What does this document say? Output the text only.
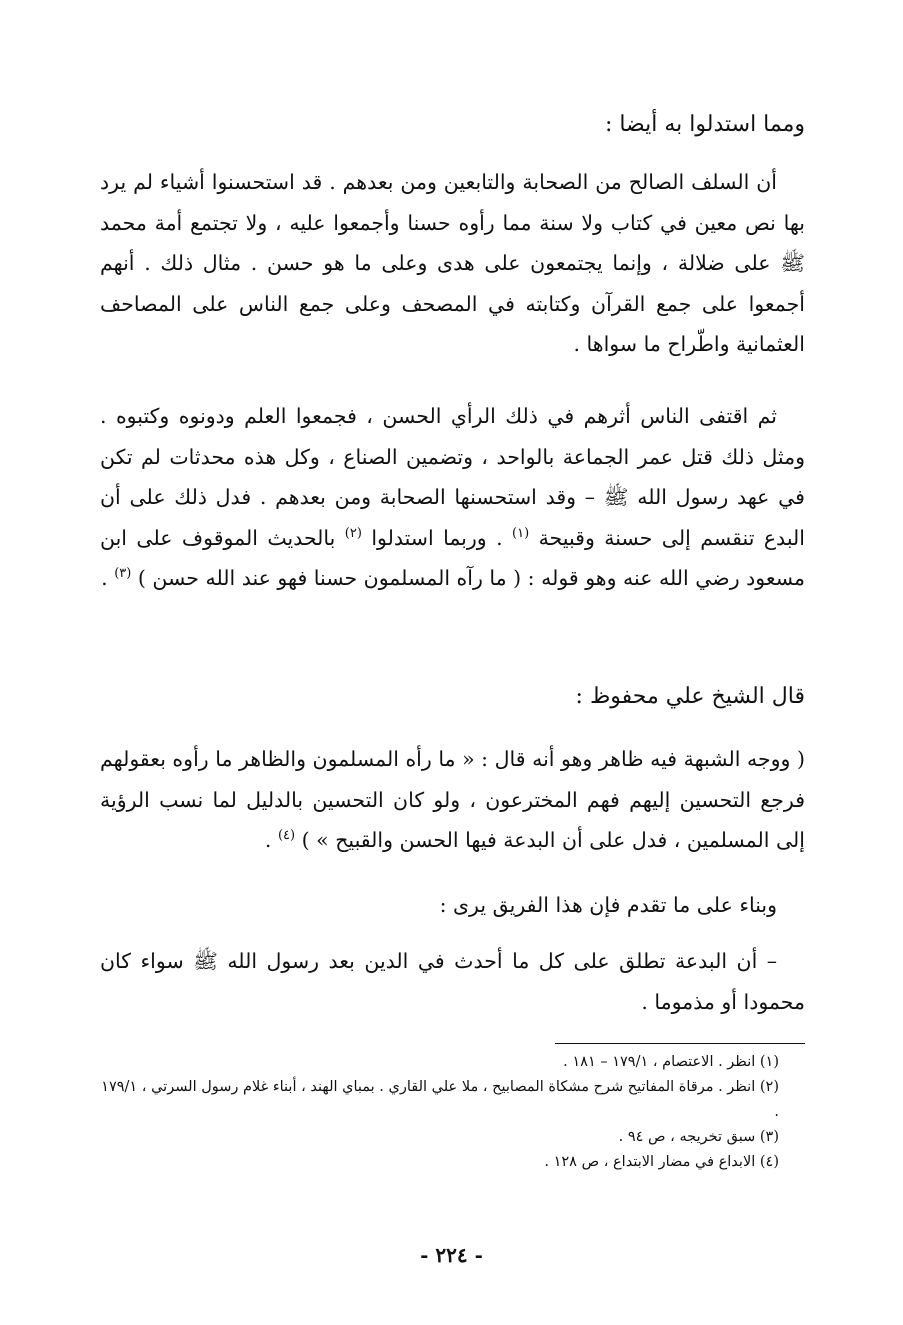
ومما استدلوا به أيضا :

أن السلف الصالح من الصحابة والتابعين ومن بعدهم . قد استحسنوا أشياء لم يرد بها نص معين في كتاب ولا سنة مما رأوه حسنا وأجمعوا عليه ، ولا تجتمع أمة محمد ﷺ على ضلالة ، وإنما يجتمعون على هدى وعلى ما هو حسن . مثال ذلك . أنهم أجمعوا على جمع القرآن وكتابته في المصحف وعلى جمع الناس على المصاحف العثمانية واطّراح ما سواها .

ثم اقتفى الناس أثرهم في ذلك الرأي الحسن ، فجمعوا العلم ودونوه وكتبوه . ومثل ذلك قتل عمر الجماعة بالواحد ، وتضمين الصناع ، وكل هذه محدثات لم تكن في عهد رسول الله ﷺ – وقد استحسنها الصحابة ومن بعدهم . فدل ذلك على أن البدع تنقسم إلى حسنة وقبيحة $^{(١)}$ . وربما استدلوا $^{(٢)}$ بالحديث الموقوف على ابن مسعود رضي الله عنه وهو قوله : ( ما رآه المسلمون حسنا فهو عند الله حسن ) $^{(٣)}$ .

قال الشيخ علي محفوظ :

( ووجه الشبهة فيه ظاهر وهو أنه قال : « ما رأه المسلمون والظاهر ما رأوه بعقولهم فرجع التحسين إليهم فهم المخترعون ، ولو كان التحسين بالدليل لما نسب الرؤية إلى المسلمين ، فدل على أن البدعة فيها الحسن والقبيح » ) $^{(٤)}$ .

وبناء على ما تقدم فإن هذا الفريق يرى :

– أن البدعة تطلق على كل ما أحدث في الدين بعد رسول الله ﷺ سواء كان محمودا أو مذموما .

(١) انظر . الاعتصام ، ١٧٩/١ – ١٨١ .

(٢) انظر . مرقاة المفاتيح شرح مشكاة المصابيح ، ملا علي القاري . بمباي الهند ، أبناء غلام رسول السرتي ، ١٧٩/١ .

(٣) سبق تخريجه ، ص ٩٤ .

(٤) الابداع في مضار الابتداع ، ص ١٢٨ .

- ٢٢٤ -
